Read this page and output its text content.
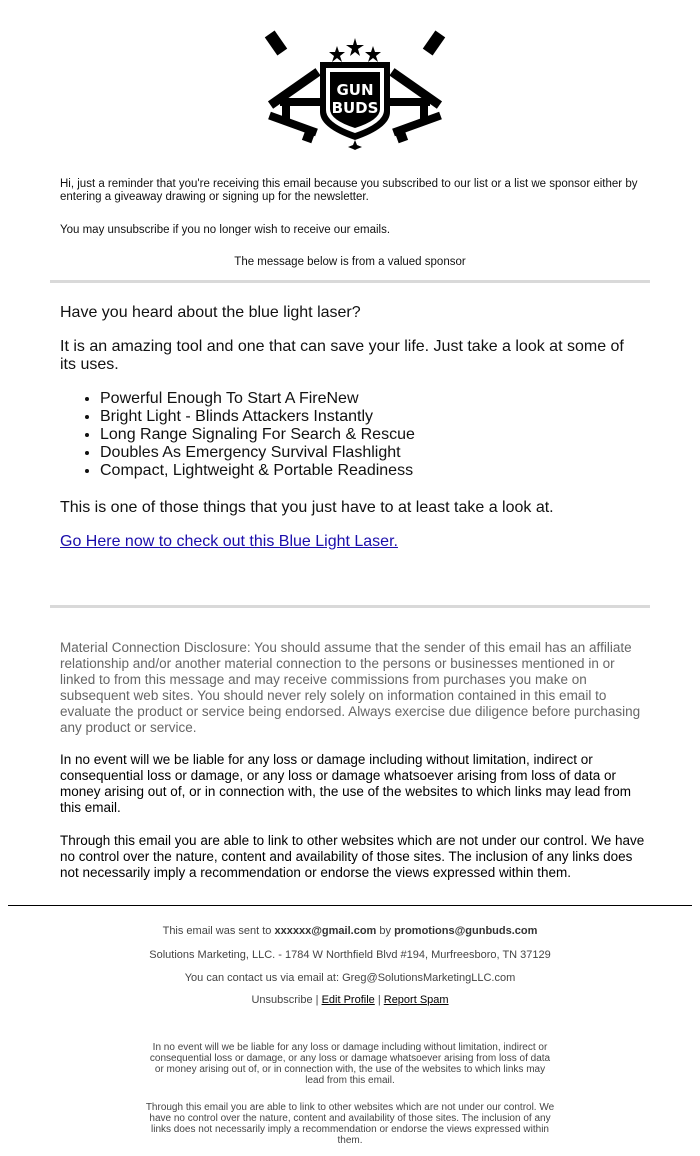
GUN
BUDS

Hi, just a reminder that you're receiving this email because you subscribed to our list or a list we sponsor either by entering a giveaway drawing or signing up for the newsletter.

You may unsubscribe if you no longer wish to receive our emails.

The message below is from a valued sponsor

Have you heard about the blue light laser?

It is an amazing tool and one that can save your life. Just take a look at some of its uses.

• Powerful Enough To Start A FireNew
• Bright Light - Blinds Attackers Instantly
• Long Range Signaling For Search & Rescue
• Doubles As Emergency Survival Flashlight
• Compact, Lightweight & Portable Readiness

This is one of those things that you just have to at least take a look at.

Go Here now to check out this Blue Light Laser.

Material Connection Disclosure: You should assume that the sender of this email has an affiliate relationship and/or another material connection to the persons or businesses mentioned in or linked to from this message and may receive commissions from purchases you make on subsequent web sites. You should never rely solely on information contained in this email to evaluate the product or service being endorsed. Always exercise due diligence before purchasing any product or service.

In no event will we be liable for any loss or damage including without limitation, indirect or consequential loss or damage, or any loss or damage whatsoever arising from loss of data or money arising out of, or in connection with, the use of the websites to which links may lead from this email.

Through this email you are able to link to other websites which are not under our control. We have no control over the nature, content and availability of those sites. The inclusion of any links does not necessarily imply a recommendation or endorse the views expressed within them.

This email was sent to xxxxxx@gmail.com by promotions@gunbuds.com
Solutions Marketing, LLC. - 1784 W Northfield Blvd #194, Murfreesboro, TN 37129
You can contact us via email at: Greg@SolutionsMarketingLLC.com
Unsubscribe | Edit Profile | Report Spam

In no event will we be liable for any loss or damage including without limitation, indirect or consequential loss or damage, or any loss or damage whatsoever arising from loss of data or money arising out of, or in connection with, the use of the websites to which links may lead from this email.

Through this email you are able to link to other websites which are not under our control. We have no control over the nature, content and availability of those sites. The inclusion of any links does not necessarily imply a recommendation or endorse the views expressed within them.
